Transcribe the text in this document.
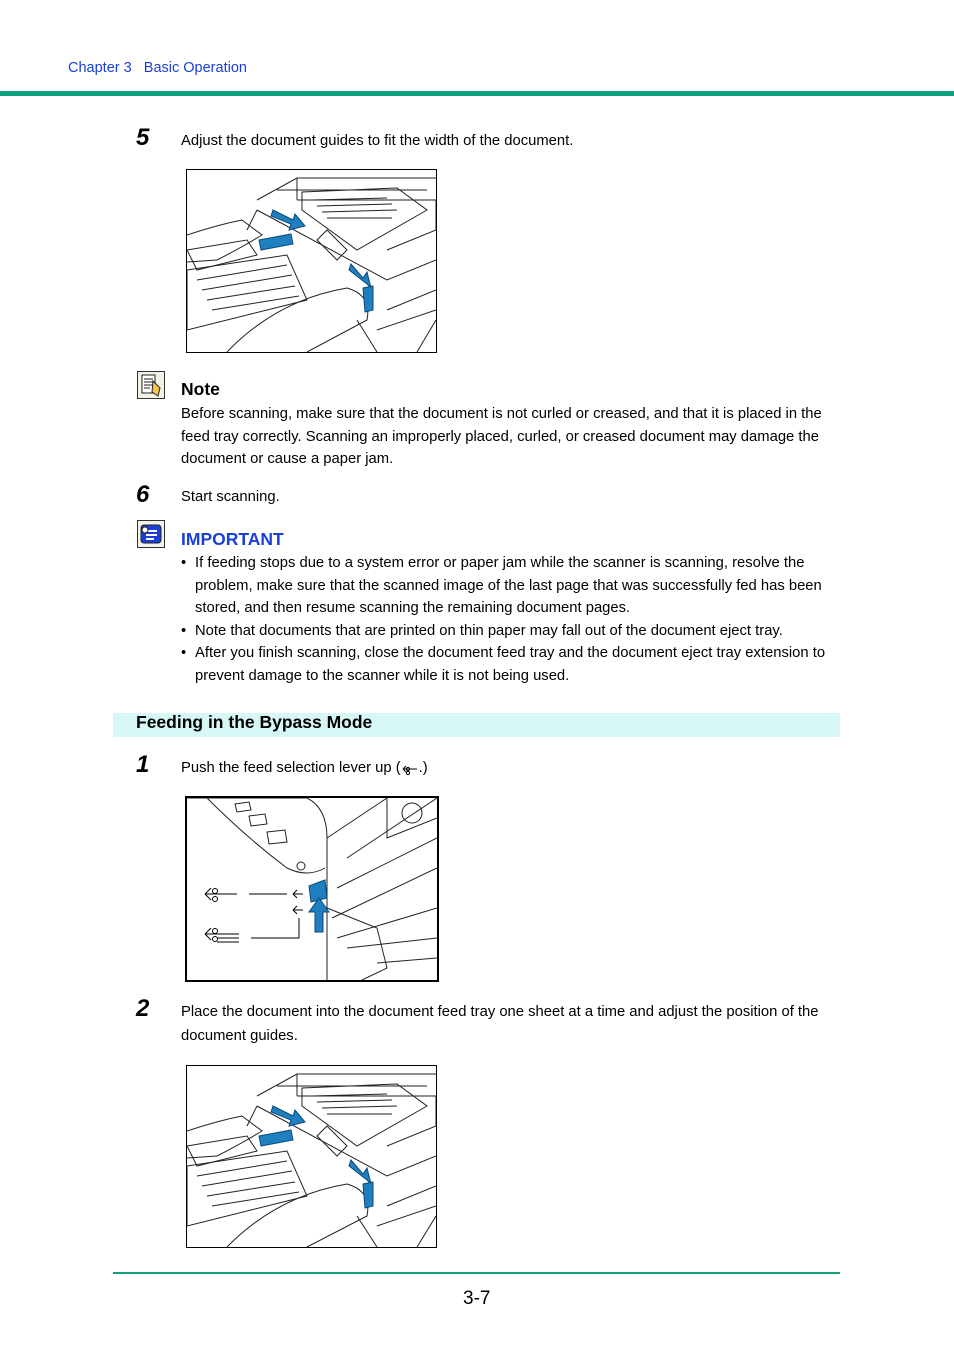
Chapter 3 Basic Operation
5 Adjust the document guides to fit the width of the document.
Note
Before scanning, make sure that the document is not curled or creased, and that it is placed in the feed tray correctly. Scanning an improperly placed, curled, or creased document may damage the document or cause a paper jam.
6 Start scanning.
IMPORTANT
• If feeding stops due to a system error or paper jam while the scanner is scanning, resolve the problem, make sure that the scanned image of the last page that was successfully fed has been stored, and then resume scanning the remaining document pages.
• Note that documents that are printed on thin paper may fall out of the document eject tray.
• After you finish scanning, close the document feed tray and the document eject tray extension to prevent damage to the scanner while it is not being used.
Feeding in the Bypass Mode
1 Push the feed selection lever up ( .)
2 Place the document into the document feed tray one sheet at a time and adjust the position of the document guides.
3-7
